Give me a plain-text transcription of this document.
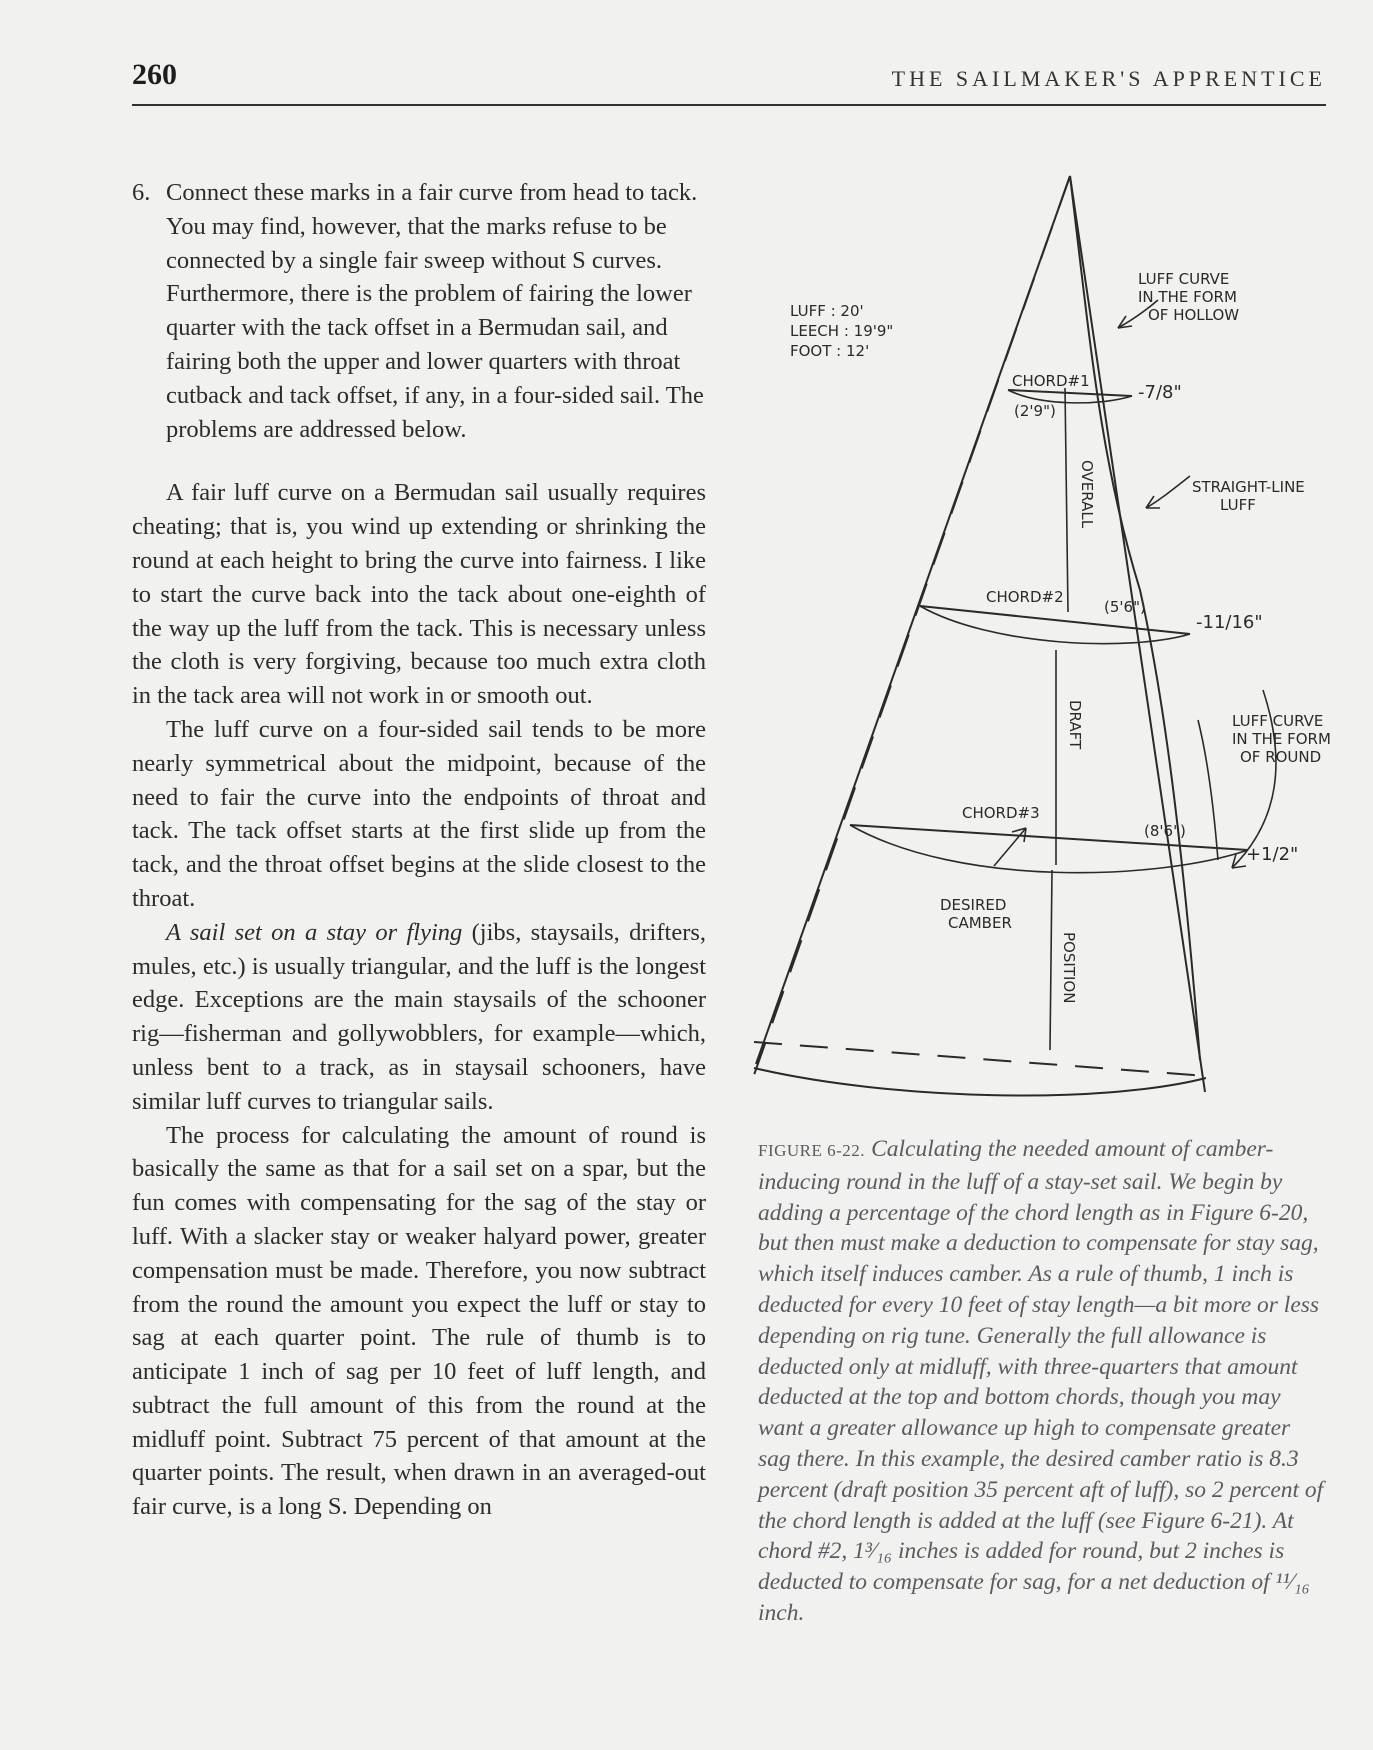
260	THE SAILMAKER'S APPRENTICE
6. Connect these marks in a fair curve from head to tack. You may find, however, that the marks refuse to be connected by a single fair sweep without S curves. Furthermore, there is the problem of fairing the lower quarter with the tack offset in a Bermudan sail, and fairing both the upper and lower quarters with throat cutback and tack offset, if any, in a four-sided sail. The problems are addressed below.

A fair luff curve on a Bermudan sail usually requires cheating; that is, you wind up extending or shrinking the round at each height to bring the curve into fairness. I like to start the curve back into the tack about one-eighth of the way up the luff from the tack. This is necessary unless the cloth is very forgiving, because too much extra cloth in the tack area will not work in or smooth out.

The luff curve on a four-sided sail tends to be more nearly symmetrical about the midpoint, because of the need to fair the curve into the endpoints of throat and tack. The tack offset starts at the first slide up from the tack, and the throat offset begins at the slide closest to the throat.

A sail set on a stay or flying (jibs, staysails, drifters, mules, etc.) is usually triangular, and the luff is the longest edge. Exceptions are the main staysails of the schooner rig—fisherman and gollywobblers, for example—which, unless bent to a track, as in staysail schooners, have similar luff curves to triangular sails.

The process for calculating the amount of round is basically the same as that for a sail set on a spar, but the fun comes with compensating for the sag of the stay or luff. With a slacker stay or weaker halyard power, greater compensation must be made. Therefore, you now subtract from the round the amount you expect the luff or stay to sag at each quarter point. The rule of thumb is to anticipate 1 inch of sag per 10 feet of luff length, and subtract the full amount of this from the round at the midluff point. Subtract 75 percent of that amount at the quarter points. The result, when drawn in an averaged-out fair curve, is a long S. Depending on

LUFF : 20'
LEECH : 19'9"
FOOT : 12'
LUFF CURVE
IN THE FORM
OF HOLLOW
STRAIGHT-LINE
LUFF
LUFF CURVE
IN THE FORM
OF ROUND
CHORD#1
(2'9")
-7/8"
CHORD#2
(5'6")
-11/16"
CHORD#3
(8'6")
+1/2"
DESIRED
CAMBER
OVERALL
DRAFT
POSITION
FIGURE 6-22. Calculating the needed amount of camber-inducing round in the luff of a stay-set sail. We begin by adding a percentage of the chord length as in Figure 6-20, but then must make a deduction to compensate for stay sag, which itself induces camber. As a rule of thumb, 1 inch is deducted for every 10 feet of stay length—a bit more or less depending on rig tune. Generally the full allowance is deducted only at midluff, with three-quarters that amount deducted at the top and bottom chords, though you may want a greater allowance up high to compensate greater sag there. In this example, the desired camber ratio is 8.3 percent (draft position 35 percent aft of luff), so 2 percent of the chord length is added at the luff (see Figure 6-21). At chord #2, 1³⁄₁₆ inches is added for round, but 2 inches is deducted to compensate for sag, for a net deduction of ¹¹⁄₁₆ inch.
